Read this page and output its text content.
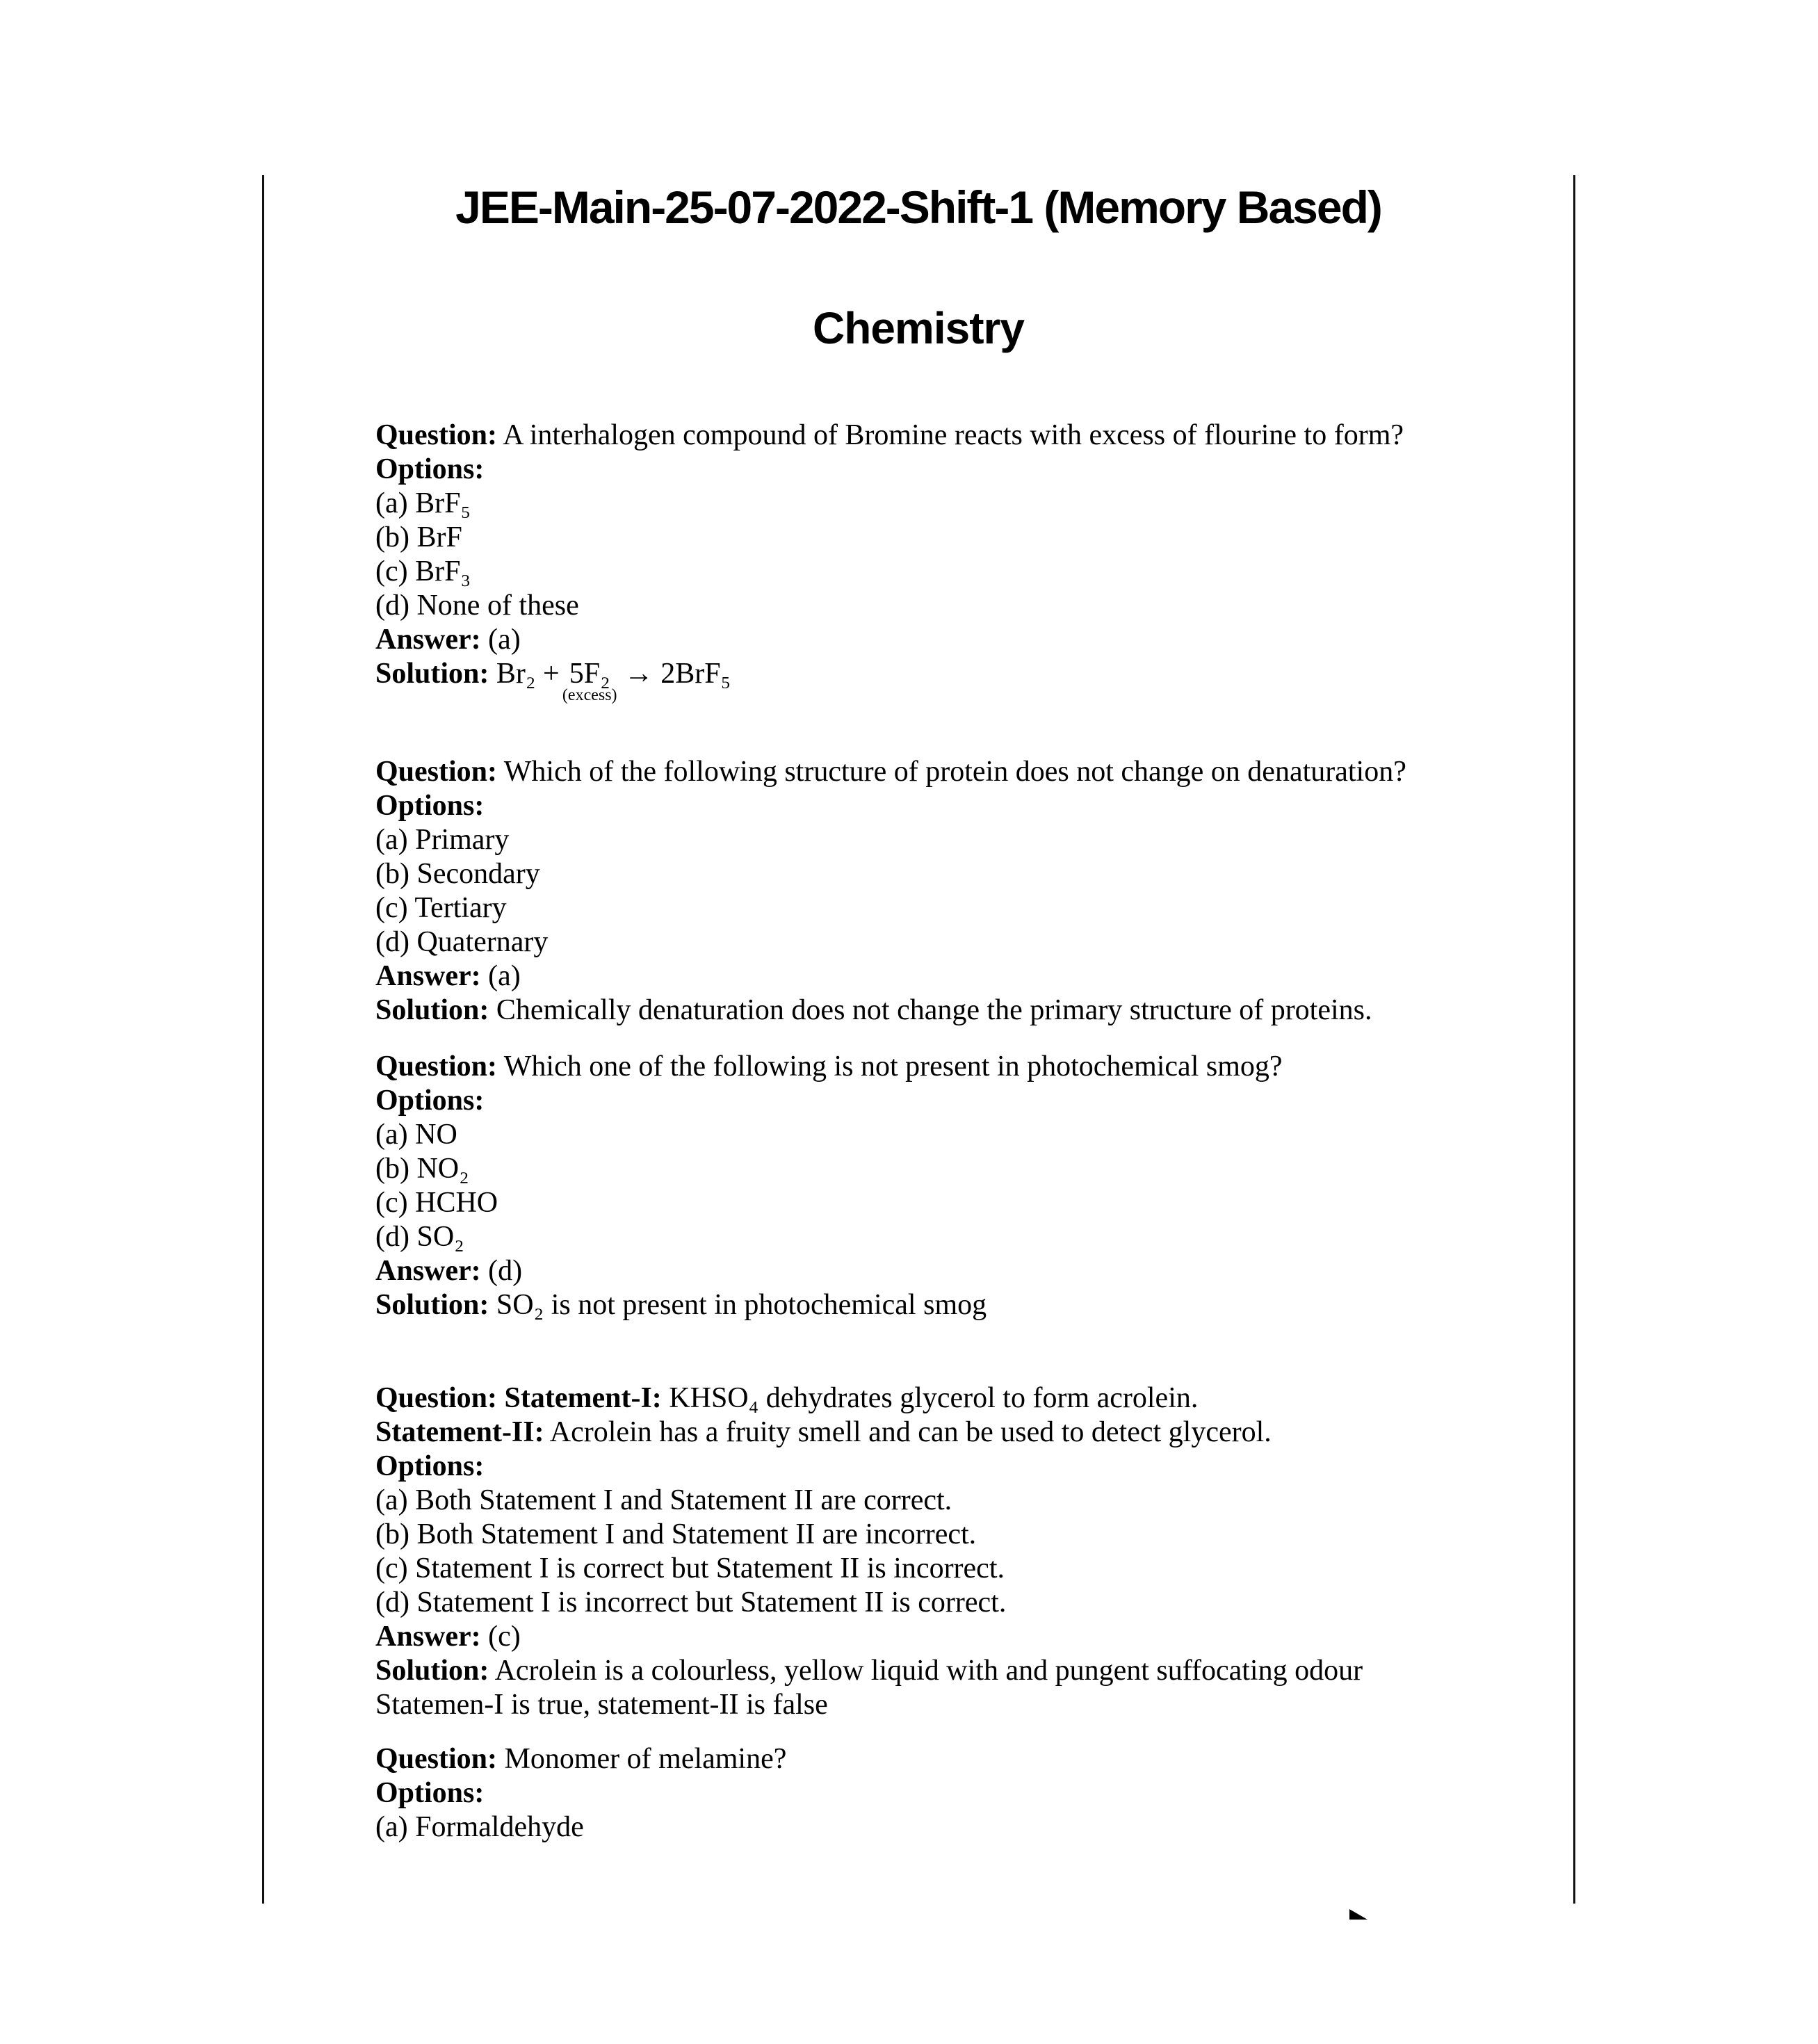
JEE-Main-25-07-2022-Shift-1 (Memory Based)
Chemistry
Question: A interhalogen compound of Bromine reacts with excess of flourine to form?
Options:
(a) BrF₅
(b) BrF
(c) BrF₃
(d) None of these
Answer: (a)
Solution: Br₂ + 5F₂
(excess)
→ 2BrF₅
Question: Which of the following structure of protein does not change on denaturation?
Options:
(a) Primary
(b) Secondary
(c) Tertiary
(d) Quaternary
Answer: (a)
Solution: Chemically denaturation does not change the primary structure of proteins.
Question: Which one of the following is not present in photochemical smog?
Options:
(a) NO
(b) NO₂
(c) HCHO
(d) SO₂
Answer: (d)
Solution: SO₂ is not present in photochemical smog
Question: Statement-I: KHSO₄ dehydrates glycerol to form acrolein.
Statement-II: Acrolein has a fruity smell and can be used to detect glycerol.
Options:
(a) Both Statement I and Statement II are correct.
(b) Both Statement I and Statement II are incorrect.
(c) Statement I is correct but Statement II is incorrect.
(d) Statement I is incorrect but Statement II is correct.
Answer: (c)
Solution: Acrolein is a colourless, yellow liquid with and pungent suffocating odour
Statemen-I is true, statement-II is false
Question: Monomer of melamine?
Options:
(a) Formaldehyde
